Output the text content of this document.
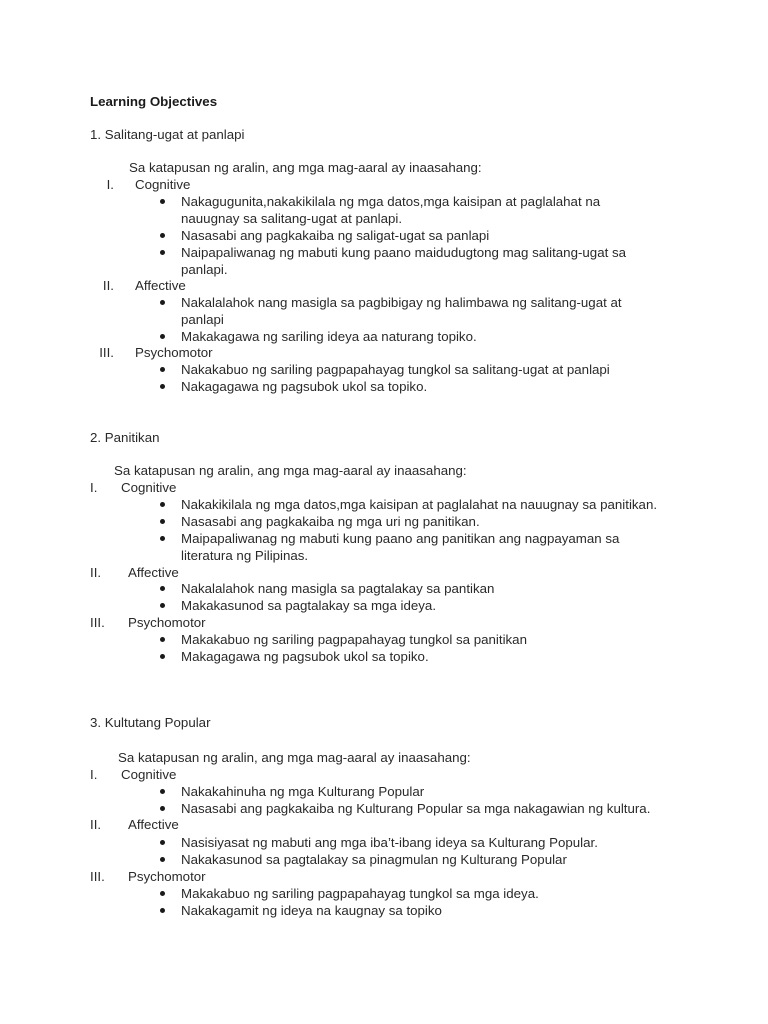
Learning Objectives
1. Salitang-ugat at panlapi
Sa katapusan ng aralin, ang mga mag-aaral ay inaasahang:
I. Cognitive
Nakagugunita,nakakikilala ng mga datos,mga kaisipan at paglalahat na
nauugnay sa salitang-ugat at panlapi.
Nasasabi ang pagkakaiba ng saligat-ugat sa panlapi
Naipapaliwanag ng mabuti kung paano maidudugtong mag salitang-ugat sa
panlapi.
II. Affective
Nakalalahok nang masigla sa pagbibigay ng halimbawa ng salitang-ugat at
panlapi
Makakagawa ng sariling ideya aa naturang topiko.
III. Psychomotor
Nakakabuo ng sariling pagpapahayag tungkol sa salitang-ugat at panlapi
Nakagagawa ng pagsubok ukol sa topiko.
2. Panitikan
Sa katapusan ng aralin, ang mga mag-aaral ay inaasahang:
I. Cognitive
Nakakikilala ng mga datos,mga kaisipan at paglalahat na nauugnay sa panitikan.
Nasasabi ang pagkakaiba ng mga uri ng panitikan.
Maipapaliwanag ng mabuti kung paano ang panitikan ang nagpayaman sa
literatura ng Pilipinas.
II. Affective
Nakalalahok nang masigla sa pagtalakay sa pantikan
Makakasunod sa pagtalakay sa mga ideya.
III. Psychomotor
Makakabuo ng sariling pagpapahayag tungkol sa panitikan
Makagagawa ng pagsubok ukol sa topiko.
3. Kultutang Popular
Sa katapusan ng aralin, ang mga mag-aaral ay inaasahang:
I. Cognitive
Nakakahinuha ng mga Kulturang Popular
Nasasabi ang pagkakaiba ng Kulturang Popular sa mga nakagawian ng kultura.
II. Affective
Nasisiyasat ng mabuti ang mga iba’t-ibang ideya sa Kulturang Popular.
Nakakasunod sa pagtalakay sa pinagmulan ng Kulturang Popular
III. Psychomotor
Makakabuo ng sariling pagpapahayag tungkol sa mga ideya.
Nakakagamit ng ideya na kaugnay sa topiko
